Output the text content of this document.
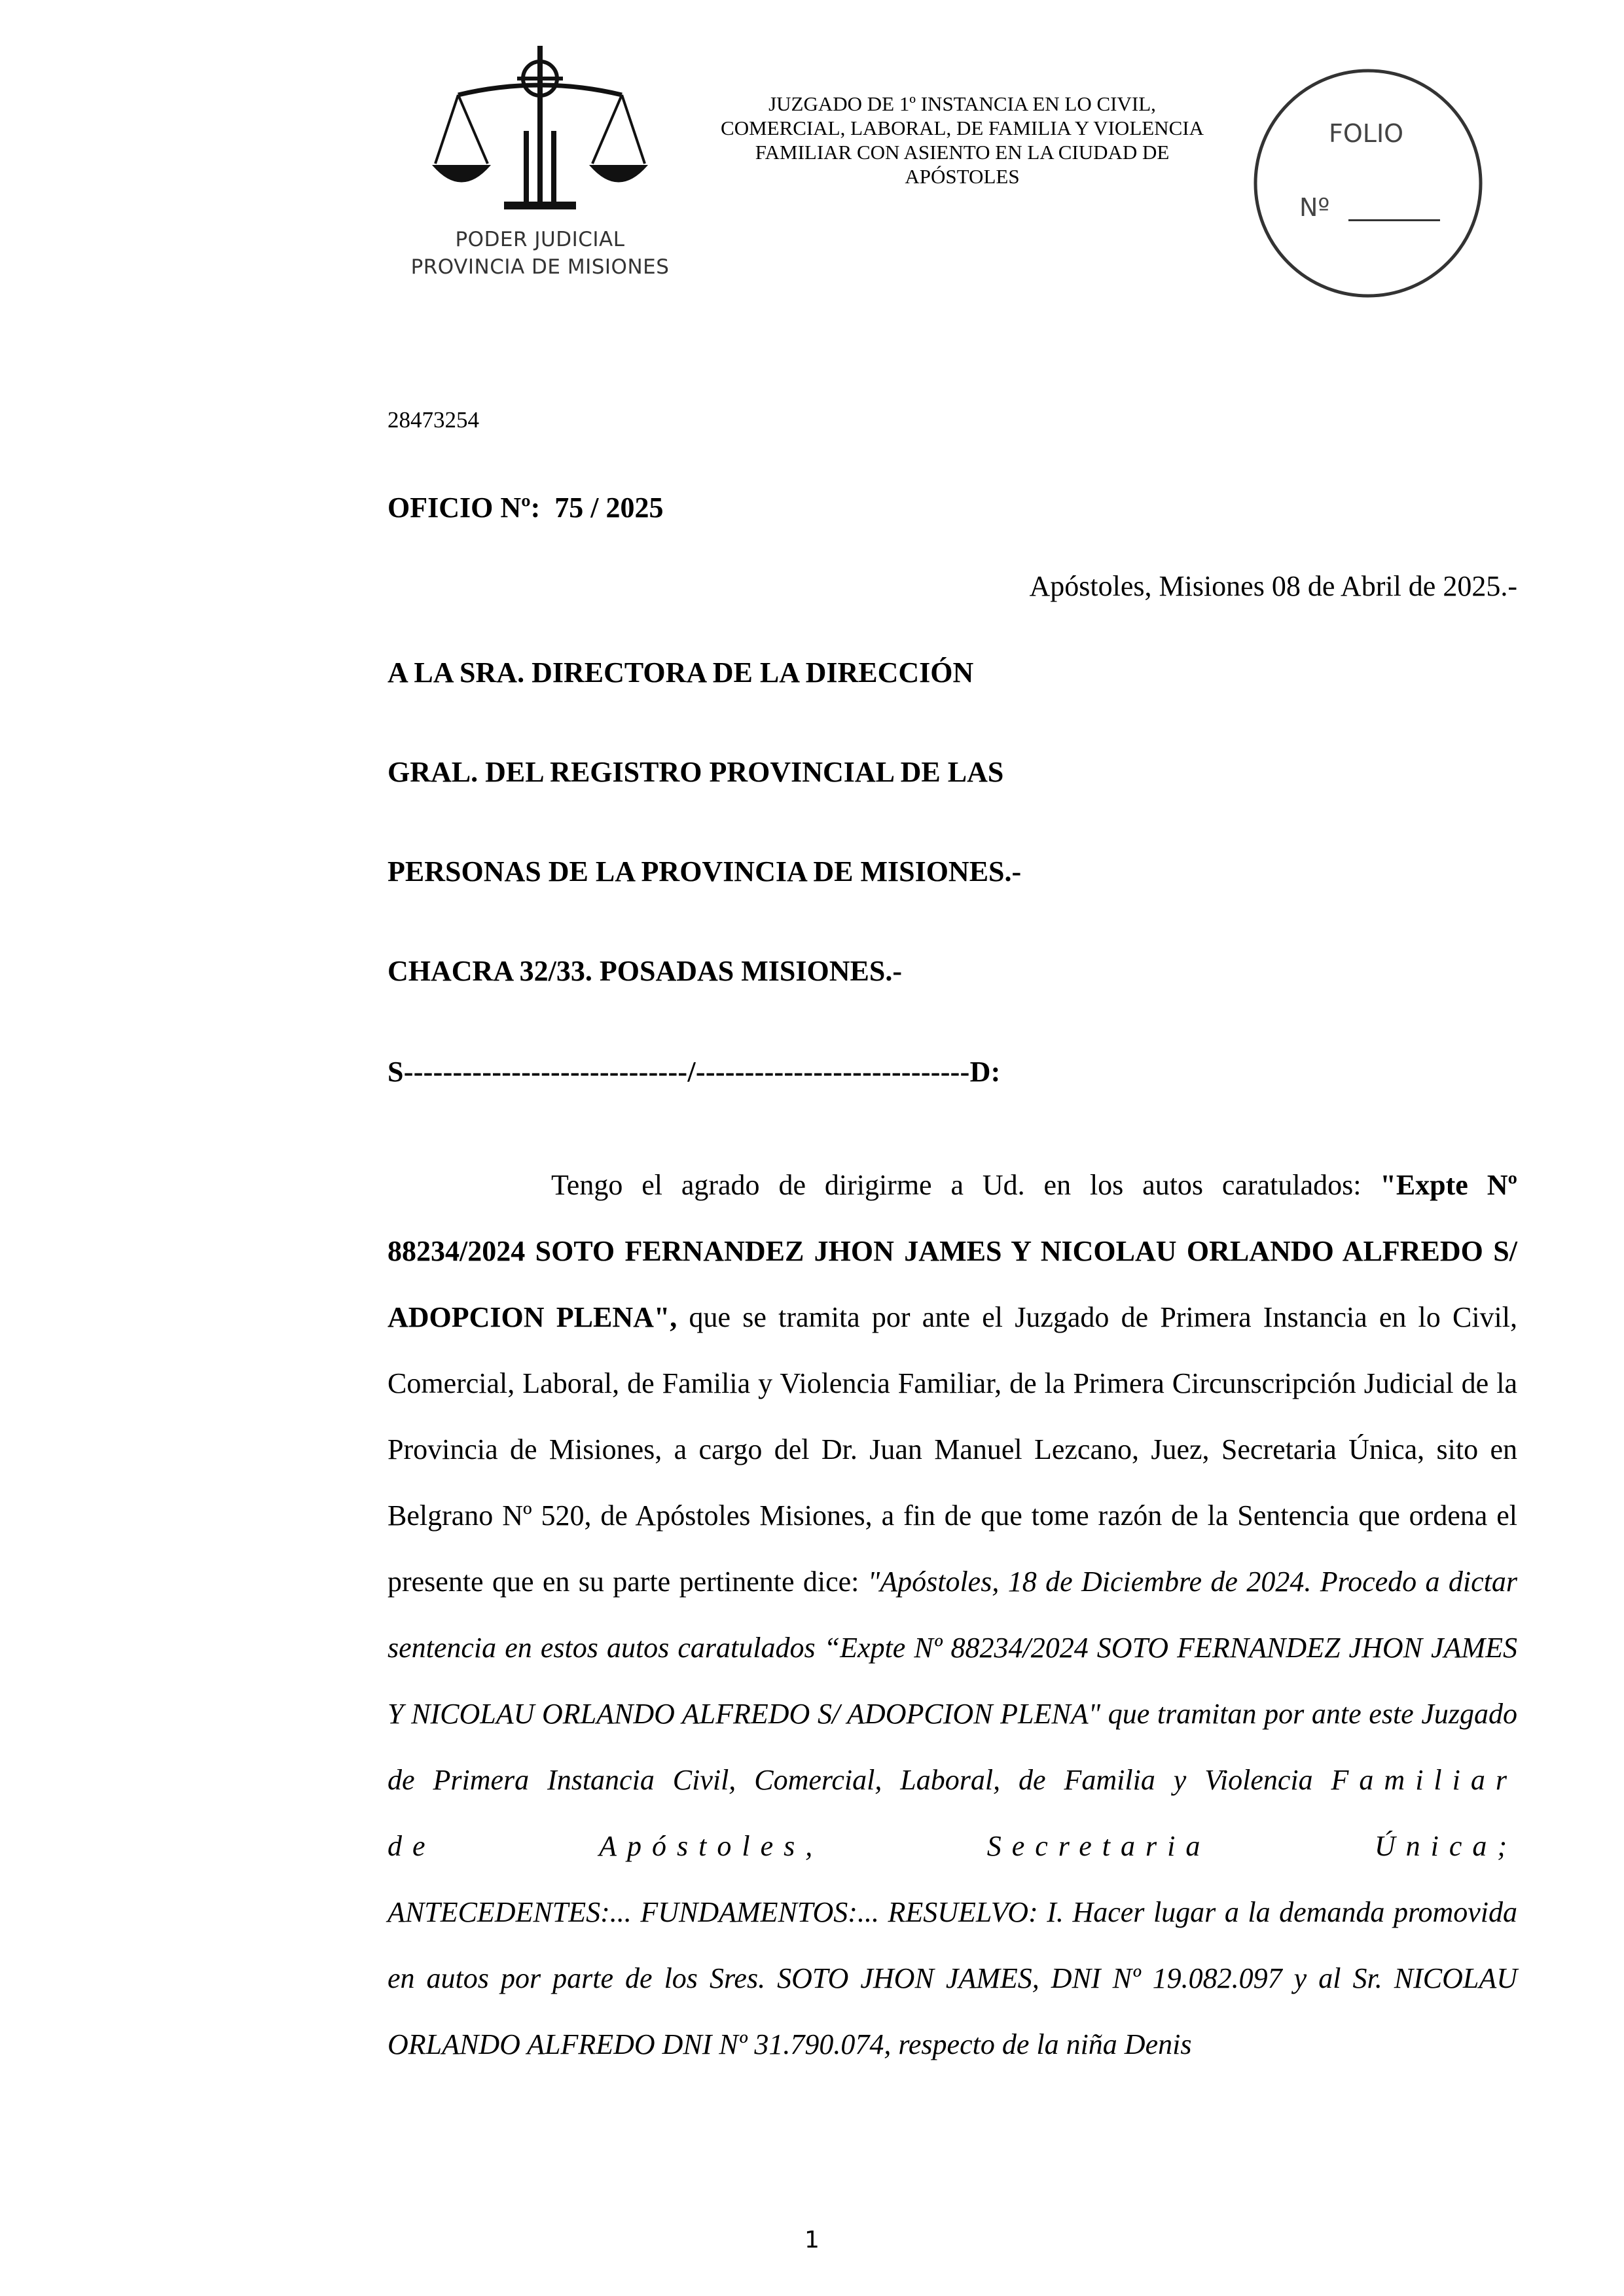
PODER JUDICIAL
PROVINCIA DE MISIONES
JUZGADO DE 1º INSTANCIA EN LO CIVIL,
COMERCIAL, LABORAL, DE FAMILIA Y VIOLENCIA
FAMILIAR CON ASIENTO EN LA CIUDAD DE
APÓSTOLES
FOLIO
Nº
28473254
OFICIO Nº:  75 / 2025
Apóstoles, Misiones 08 de Abril de 2025.-
A LA SRA. DIRECTORA DE LA DIRECCIÓN
GRAL. DEL REGISTRO PROVINCIAL DE LAS
PERSONAS DE LA PROVINCIA DE MISIONES.-
CHACRA 32/33. POSADAS MISIONES.-
S-----------------------------/----------------------------D:
Tengo el agrado de dirigirme a Ud. en los autos caratulados: "Expte Nº 88234/2024 SOTO FERNANDEZ JHON JAMES Y NICOLAU ORLANDO ALFREDO S/ ADOPCION PLENA", que se tramita por ante el Juzgado de Primera Instancia en lo Civil, Comercial, Laboral, de Familia y Violencia Familiar, de la Primera Circunscripción Judicial de la Provincia de Misiones, a cargo del Dr. Juan Manuel Lezcano, Juez, Secretaria Única, sito en Belgrano Nº 520, de Apóstoles Misiones, a fin de que tome razón de la Sentencia que ordena el presente que en su parte pertinente dice: "Apóstoles, 18 de Diciembre de 2024. Procedo a dictar sentencia en estos autos caratulados “Expte Nº 88234/2024 SOTO FERNANDEZ JHON JAMES Y NICOLAU ORLANDO ALFREDO S/ ADOPCION PLENA" que tramitan por ante este Juzgado de Primera Instancia Civil, Comercial, Laboral, de Familia y Violencia Familiar de Apóstoles, Secretaria Única; ANTECEDENTES:... FUNDAMENTOS:... RESUELVO: I. Hacer lugar a la demanda promovida en autos por parte de los Sres. SOTO JHON JAMES, DNI Nº 19.082.097 y al Sr. NICOLAU ORLANDO ALFREDO DNI Nº 31.790.074, respecto de la niña Denis
1
